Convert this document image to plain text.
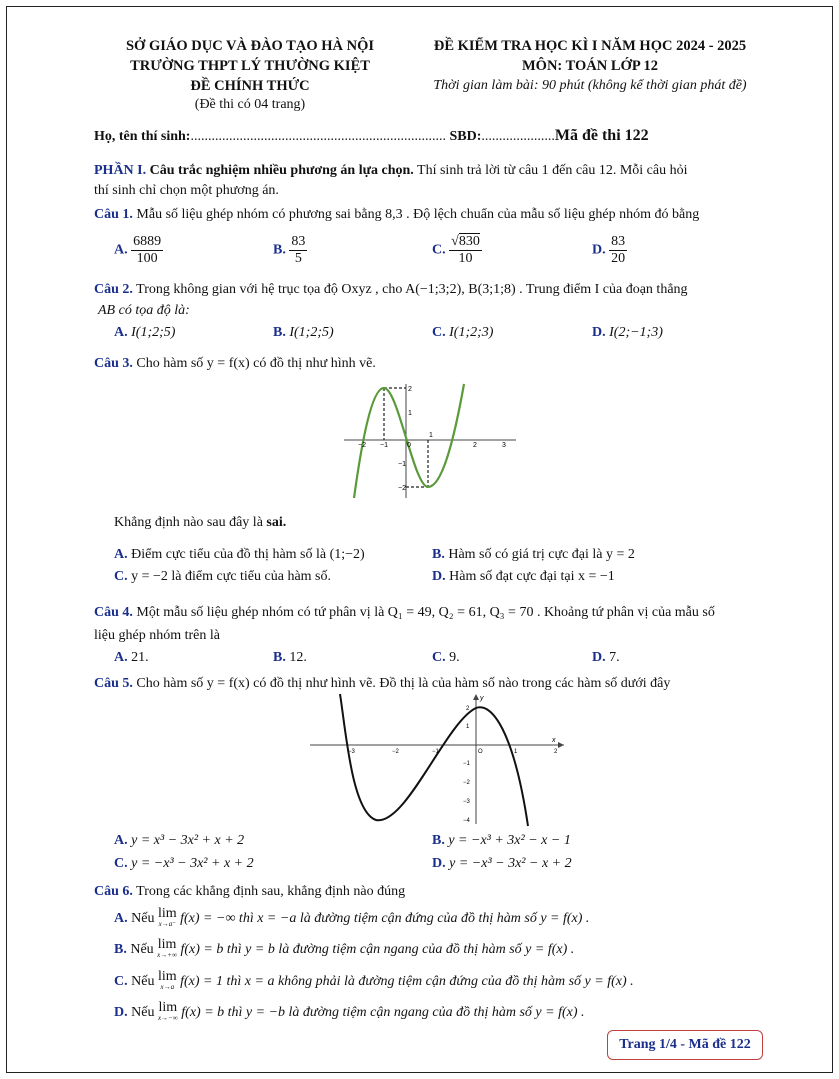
SỞ GIÁO DỤC VÀ ĐÀO TẠO HÀ NỘI
TRƯỜNG THPT LÝ THƯỜNG KIỆT
ĐỀ CHÍNH THỨC
(Đề thi có 04 trang)
ĐỀ KIỂM TRA HỌC KÌ I NĂM HỌC 2024 - 2025
MÔN: TOÁN LỚP 12
Thời gian làm bài: 90 phút (không kể thời gian phát đề)
Họ, tên thí sinh:......................................................................... SBD:.....................Mã đề thi 122
PHẦN I. Câu trắc nghiệm nhiều phương án lựa chọn. Thí sinh trả lời từ câu 1 đến câu 12. Mỗi câu hỏi
thí sinh chỉ chọn một phương án.
Câu 1. Mẫu số liệu ghép nhóm có phương sai bằng 8,3 . Độ lệch chuẩn của mẫu số liệu ghép nhóm đó bằng
A. $\frac{6889}{100}$	B. $\frac{83}{5}$	C. $\frac{√830}{10}$	D. $\frac{83}{20}$
Câu 2. Trong không gian với hệ trục tọa độ Oxyz , cho A(−1;3;2), B(3;1;8) . Trung điểm I của đoạn thẳng
AB có tọa độ là:
A. I(1;2;5)	B. I(1;2;5)	C. I(1;2;3)	D. I(2;−1;3)
Câu 3. Cho hàm số y = f(x) có đồ thị như hình vẽ.
−2 −1	0
1
2	3
2
1
−1
−2
Khẳng định nào sau đây là sai.
A. Điểm cực tiểu của đồ thị hàm số là (1;−2)	B. Hàm số có giá trị cực đại là y = 2
C. y = −2 là điểm cực tiểu của hàm số.	D. Hàm số đạt cực đại tại x = −1
Câu 4. Một mẫu số liệu ghép nhóm có tứ phân vị là Q₁ = 49, Q₂ = 61, Q₃ = 70 . Khoảng tứ phân vị của mẫu số
liệu ghép nhóm trên là
A. 21.	B. 12.	C. 9.	D. 7.
Câu 5. Cho hàm số y = f(x) có đồ thị như hình vẽ. Đồ thị là của hàm số nào trong các hàm số dưới đây
y
x
O
−3	−2	−1	1	2
2
1
−1
−2
−3
−4
A. y = x³ − 3x² + x + 2	B. y = −x³ + 3x² − x − 1
C. y = −x³ − 3x² + x + 2	D. y = −x³ − 3x² − x + 2
Câu 6. Trong các khẳng định sau, khẳng định nào đúng
A. Nếu lim
x→a⁻ f(x) = −∞ thì x = −a là đường tiệm cận đứng của đồ thị hàm số y = f(x) .
B. Nếu lim
x→+∞ f(x) = b thì y = b là đường tiệm cận ngang của đồ thị hàm số y = f(x) .
C. Nếu lim
x→a f(x) = 1 thì x = a không phải là đường tiệm cận đứng của đồ thị hàm số y = f(x) .
D. Nếu lim
x→−∞ f(x) = b thì y = −b là đường tiệm cận ngang của đồ thị hàm số y = f(x) .
Trang 1/4 - Mã đề 122
